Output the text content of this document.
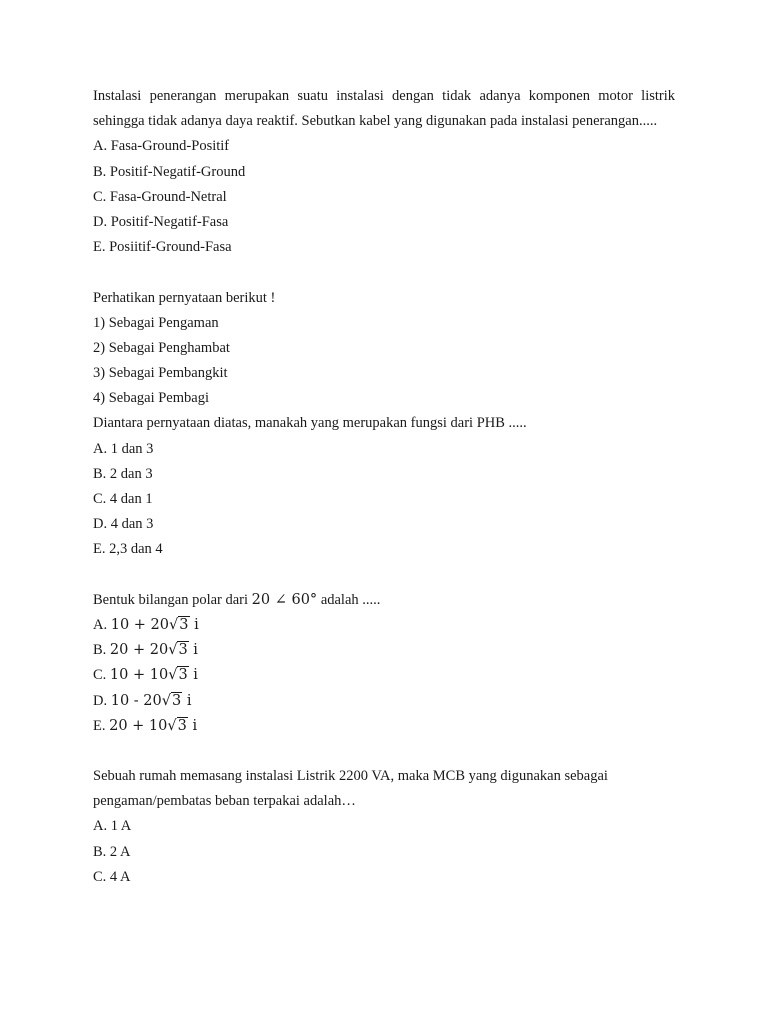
Instalasi penerangan merupakan suatu instalasi dengan tidak adanya komponen motor listrik sehingga tidak adanya daya reaktif. Sebutkan kabel yang digunakan pada instalasi penerangan.....
A. Fasa-Ground-Positif
B. Positif-Negatif-Ground
C. Fasa-Ground-Netral
D. Positif-Negatif-Fasa
E. Posiitif-Ground-Fasa
Perhatikan pernyataan berikut !
1) Sebagai Pengaman
2) Sebagai Penghambat
3) Sebagai Pembangkit
4) Sebagai Pembagi
Diantara pernyataan diatas, manakah yang merupakan fungsi dari PHB .....
A. 1 dan 3
B. 2 dan 3
C. 4 dan 1
D. 4 dan 3
E. 2,3 dan 4
Bentuk bilangan polar dari 20 ∠ 60° adalah .....
A. 10 + 20√3 i
B. 20 + 20√3 i
C. 10 + 10√3 i
D. 10 - 20√3 i
E. 20 + 10√3 i
Sebuah rumah memasang instalasi Listrik 2200 VA, maka MCB yang digunakan sebagai
pengaman/pembatas beban terpakai adalah…
A. 1 A
B. 2 A
C. 4 A
